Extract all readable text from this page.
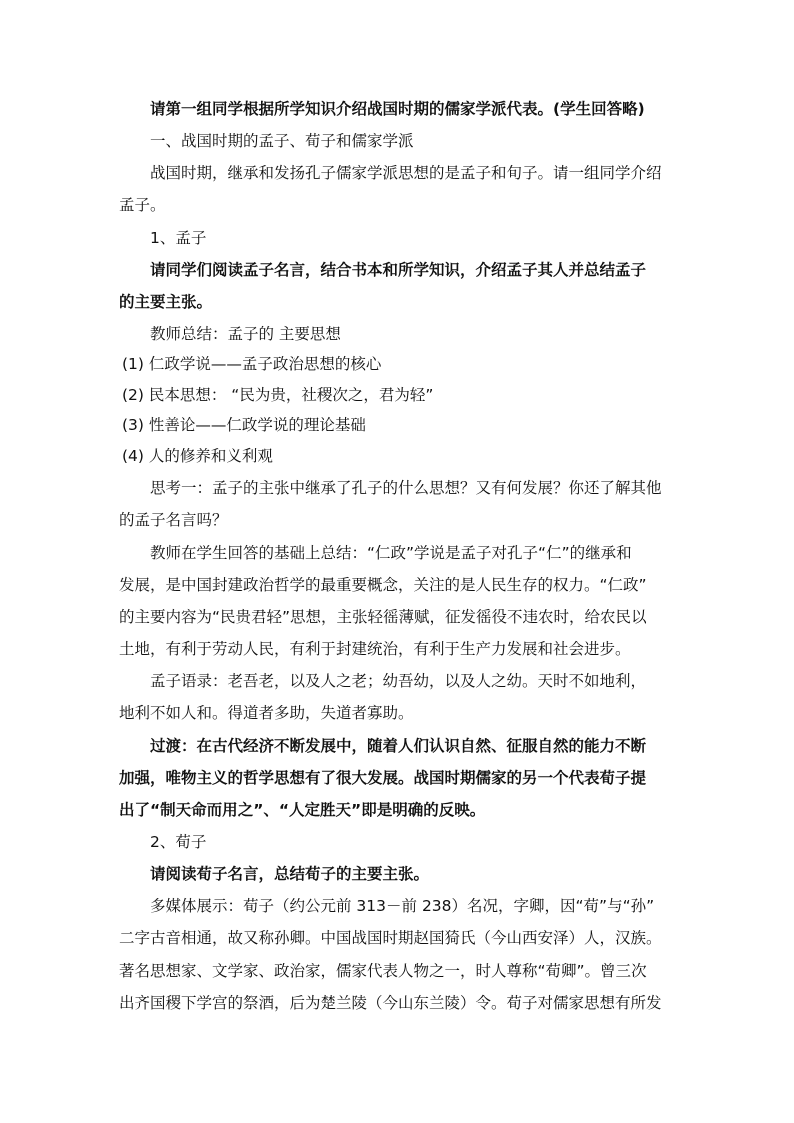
请第一组同学根据所学知识介绍战国时期的儒家学派代表。(学生回答略)
一、战国时期的孟子、荀子和儒家学派
战国时期，继承和发扬孔子儒家学派思想的是孟子和旬子。请一组同学介绍
孟子。
1、孟子
请同学们阅读孟子名言，结合书本和所学知识，介绍孟子其人并总结孟子
的主要主张。
教师总结：孟子的 主要思想
(1) 仁政学说——孟子政治思想的核心
(2) 民本思想： “民为贵，社稷次之，君为轻”
(3) 性善论——仁政学说的理论基础
(4) 人的修养和义利观
思考一：孟子的主张中继承了孔子的什么思想？又有何发展？你还了解其他
的孟子名言吗？
教师在学生回答的基础上总结：“仁政”学说是孟子对孔子“仁”的继承和
发展，是中国封建政治哲学的最重要概念，关注的是人民生存的权力。“仁政”
的主要内容为“民贵君轻”思想，主张轻徭薄赋，征发徭役不违农时，给农民以
土地，有利于劳动人民，有利于封建统治，有利于生产力发展和社会进步。
孟子语录：老吾老，以及人之老；幼吾幼，以及人之幼。天时不如地利，
地利不如人和。得道者多助，失道者寡助。
过渡：在古代经济不断发展中，随着人们认识自然、征服自然的能力不断
加强，唯物主义的哲学思想有了很大发展。战国时期儒家的另一个代表荀子提
出了“制天命而用之”、“人定胜天”即是明确的反映。
2、荀子
请阅读荀子名言，总结荀子的主要主张。
多媒体展示：荀子（约公元前 313－前 238）名况，字卿，因“荀”与“孙”
二字古音相通，故又称孙卿。中国战国时期赵国猗氏（今山西安泽）人，汉族。
著名思想家、文学家、政治家，儒家代表人物之一，时人尊称“荀卿”。曾三次
出齐国稷下学宫的祭酒，后为楚兰陵（今山东兰陵）令。荀子对儒家思想有所发
